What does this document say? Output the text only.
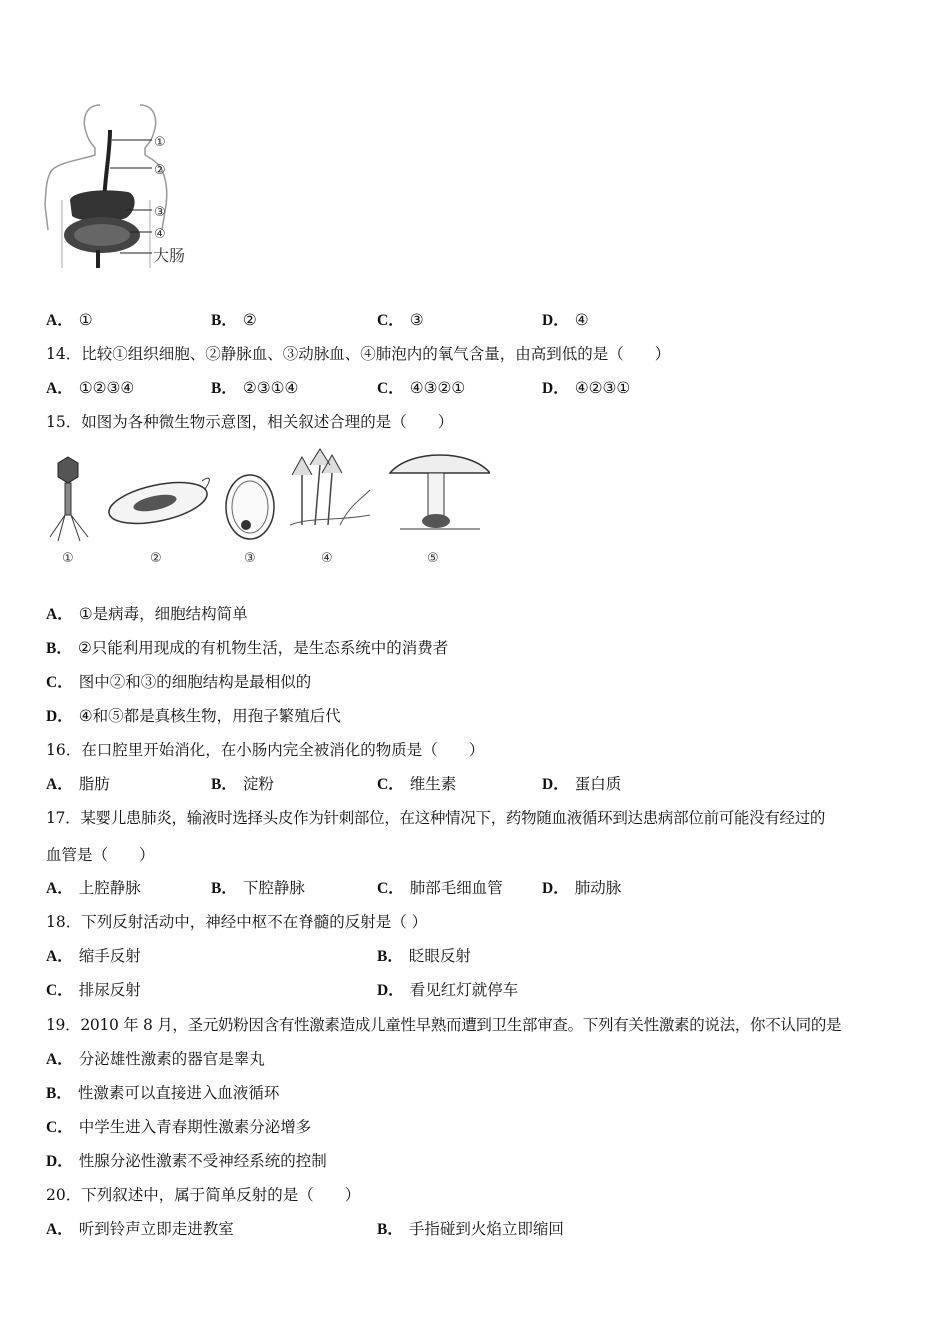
①
②
③
④
大肠
A． ①	B． ②	C． ③	D． ④
14．比较①组织细胞、②静脉血、③动脉血、④肺泡内的氧气含量，由高到低的是（　　）
A． ①②③④	B． ②③①④	C． ④③②①	D． ④②③①
15．如图为各种微生物示意图，相关叙述合理的是（　　）
①	②	③	④	⑤
A． ①是病毒，细胞结构简单
B． ②只能利用现成的有机物生活，是生态系统中的消费者
C． 图中②和③的细胞结构是最相似的
D． ④和⑤都是真核生物，用孢子繁殖后代
16．在口腔里开始消化，在小肠内完全被消化的物质是（　　）
A． 脂肪	B． 淀粉	C． 维生素	D． 蛋白质
17．某婴儿患肺炎，输液时选择头皮作为针刺部位，在这种情况下，药物随血液循环到达患病部位前可能没有经过的
血管是（　　）
A． 上腔静脉	B． 下腔静脉	C． 肺部毛细血管	D． 肺动脉
18．下列反射活动中，神经中枢不在脊髓的反射是（ ）
A． 缩手反射	B． 眨眼反射
C． 排尿反射	D． 看见红灯就停车
19．2010 年 8 月，圣元奶粉因含有性激素造成儿童性早熟而遭到卫生部审查。下列有关性激素的说法，你不认同的是
A． 分泌雄性激素的器官是睾丸
B． 性激素可以直接进入血液循环
C． 中学生进入青春期性激素分泌增多
D． 性腺分泌性激素不受神经系统的控制
20．下列叙述中，属于简单反射的是（　　）
A． 听到铃声立即走进教室	B． 手指碰到火焰立即缩回
